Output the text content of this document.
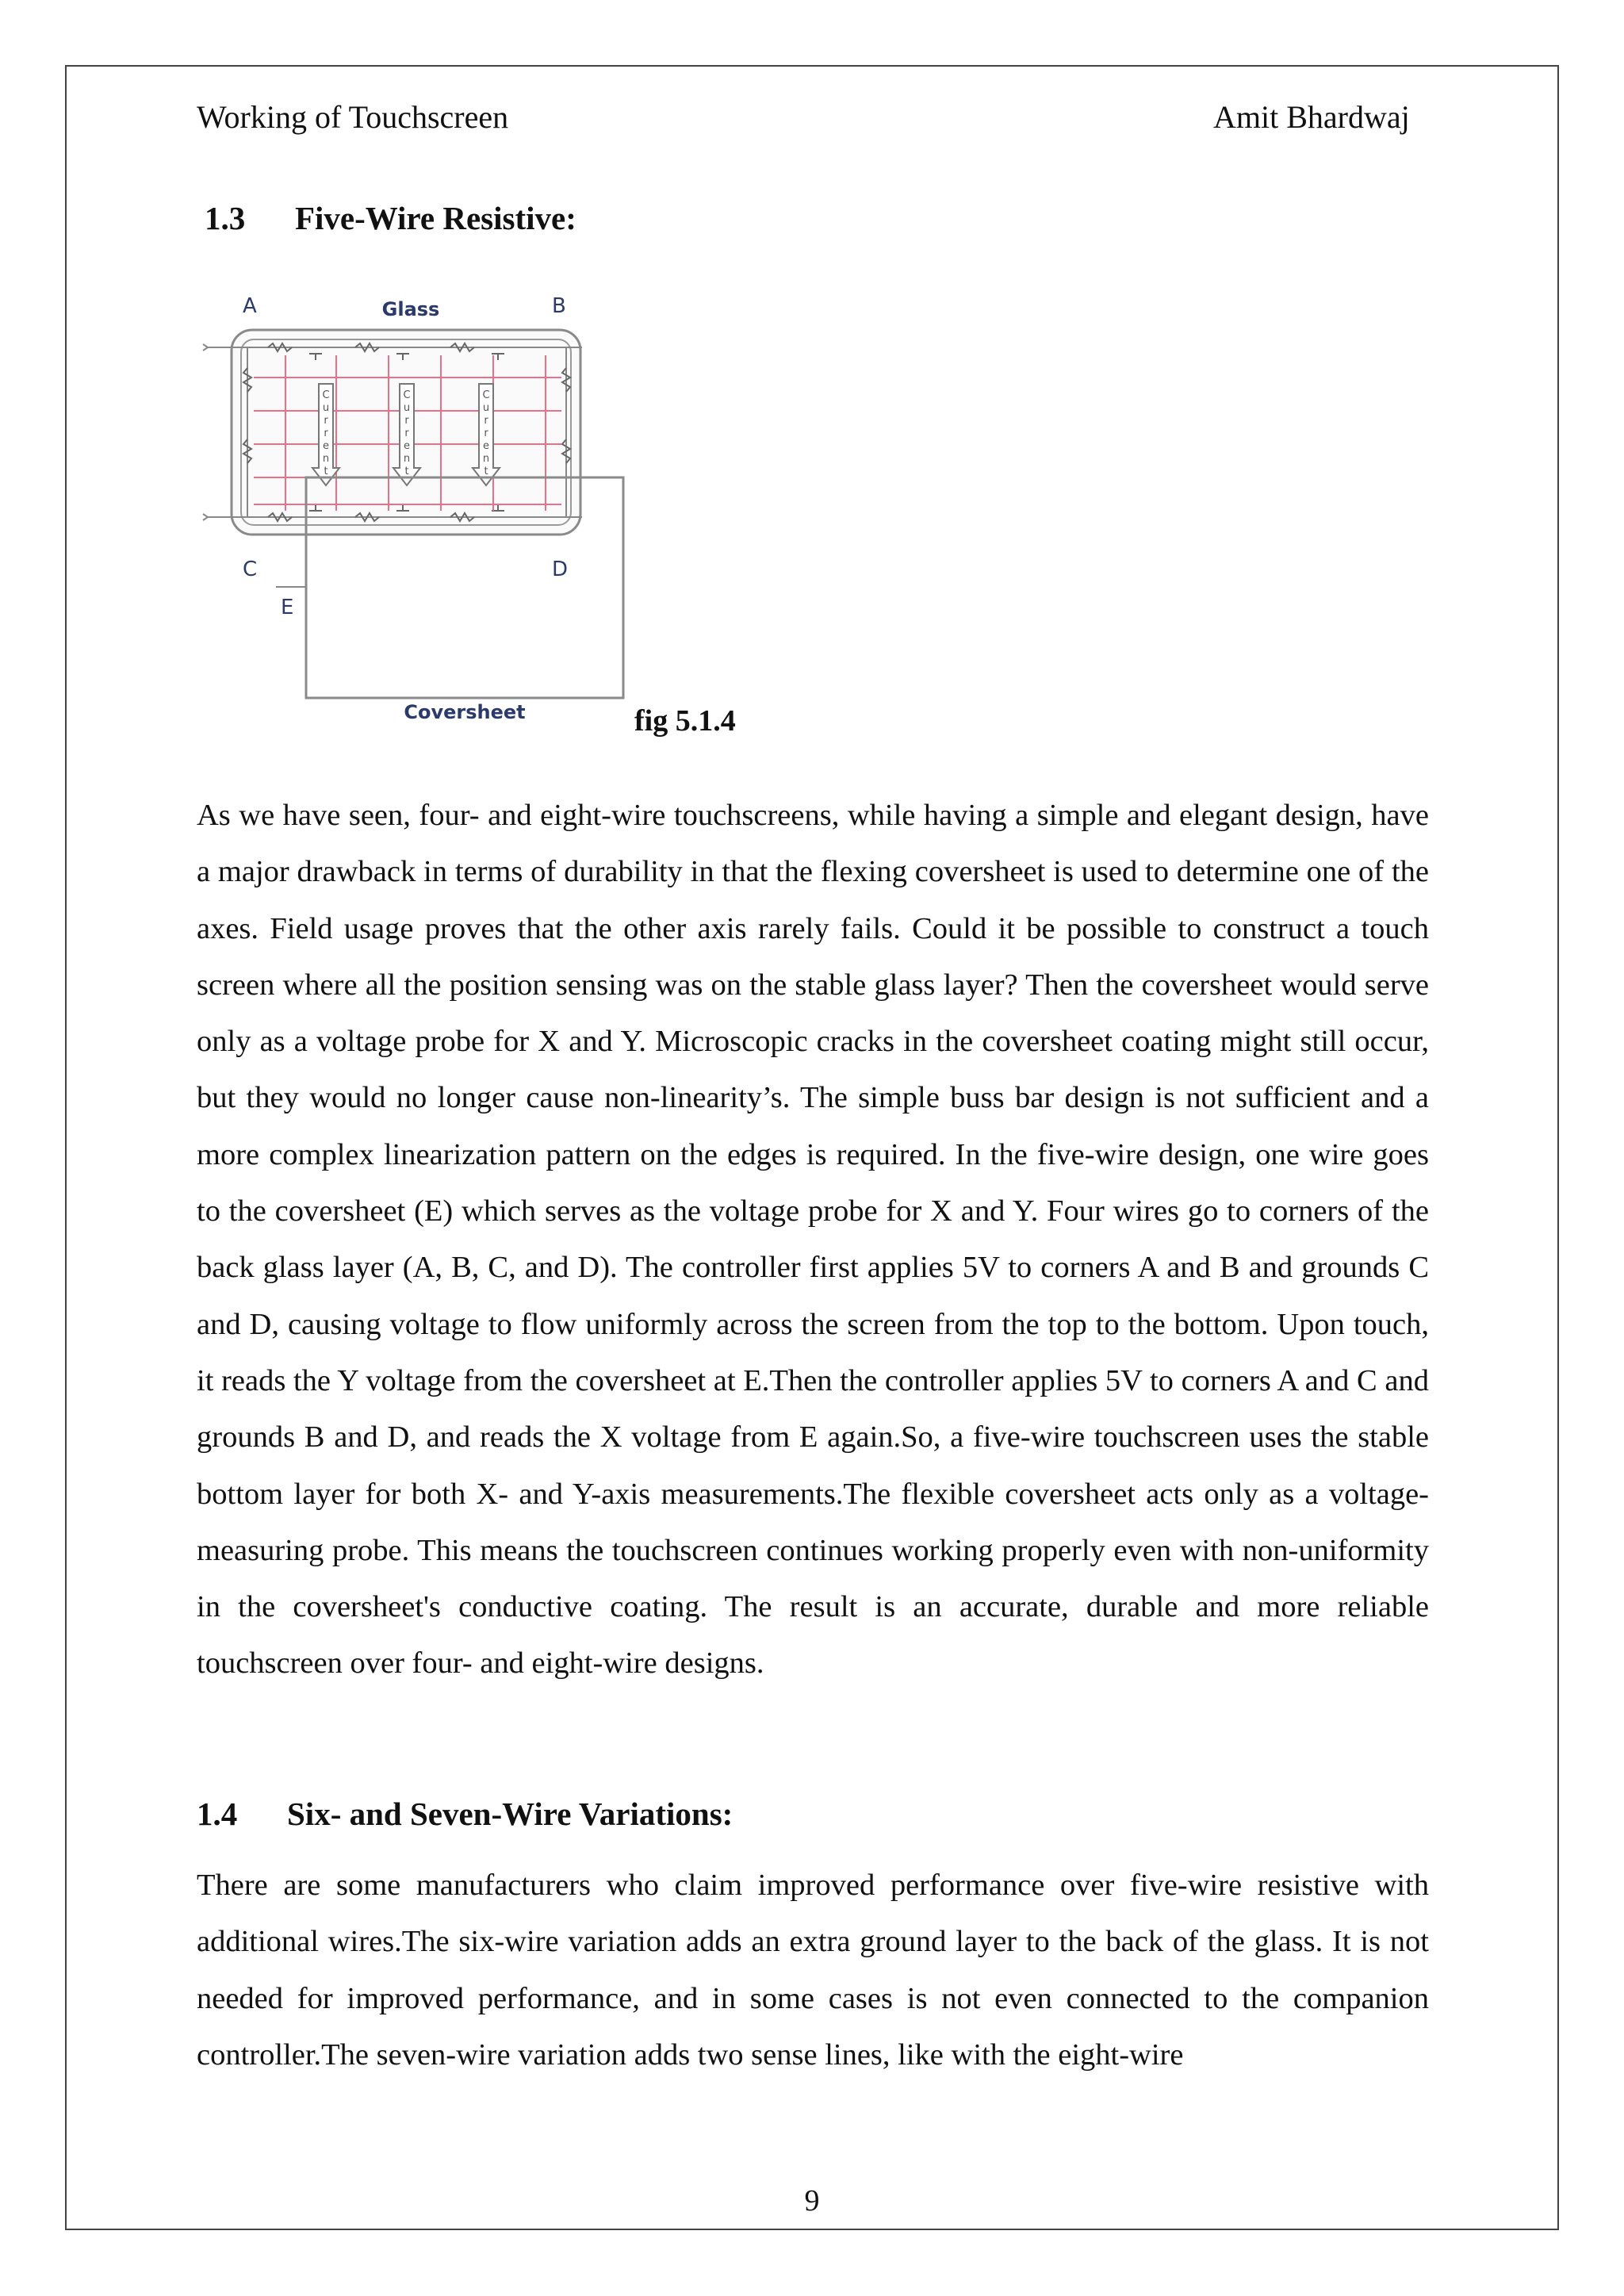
Working of Touchscreen	Amit Bhardwaj
1.3 Five-Wire Resistive:
C
u
r
r
e
n
t
C
u
r
r
e
n
t
C
u
r
r
e
n
t
A	B
C	D
E
Glass
Coversheet	fig 5.1.4

As we have seen, four- and eight-wire touchscreens, while having a simple and elegant design, have a major drawback in terms of durability in that the flexing coversheet is used to determine one of the axes. Field usage proves that the other axis rarely fails. Could it be possible to construct a touch screen where all the position sensing was on the stable glass layer? Then the coversheet would serve only as a voltage probe for X and Y. Microscopic cracks in the coversheet coating might still occur, but they would no longer cause non-linearity’s. The simple buss bar design is not sufficient and a more complex linearization pattern on the edges is required. In the five-wire design, one wire goes to the coversheet (E) which serves as the voltage probe for X and Y. Four wires go to corners of the back glass layer (A, B, C, and D). The controller first applies 5V to corners A and B and grounds C and D, causing voltage to flow uniformly across the screen from the top to the bottom. Upon touch, it reads the Y voltage from the coversheet at E.Then the controller applies 5V to corners A and C and grounds B and D, and reads the X voltage from E again.So, a five-wire touchscreen uses the stable bottom layer for both X- and Y-axis measurements.The flexible coversheet acts only as a voltage-measuring probe. This means the touchscreen continues working properly even with non-uniformity in the coversheet's conductive coating. The result is an accurate, durable and more reliable touchscreen over four- and eight-wire designs.

1.4 Six- and Seven-Wire Variations:

There are some manufacturers who claim improved performance over five-wire resistive with additional wires.The six-wire variation adds an extra ground layer to the back of the glass. It is not needed for improved performance, and in some cases is not even connected to the companion controller.The seven-wire variation adds two sense lines, like with the eight-wire

9
